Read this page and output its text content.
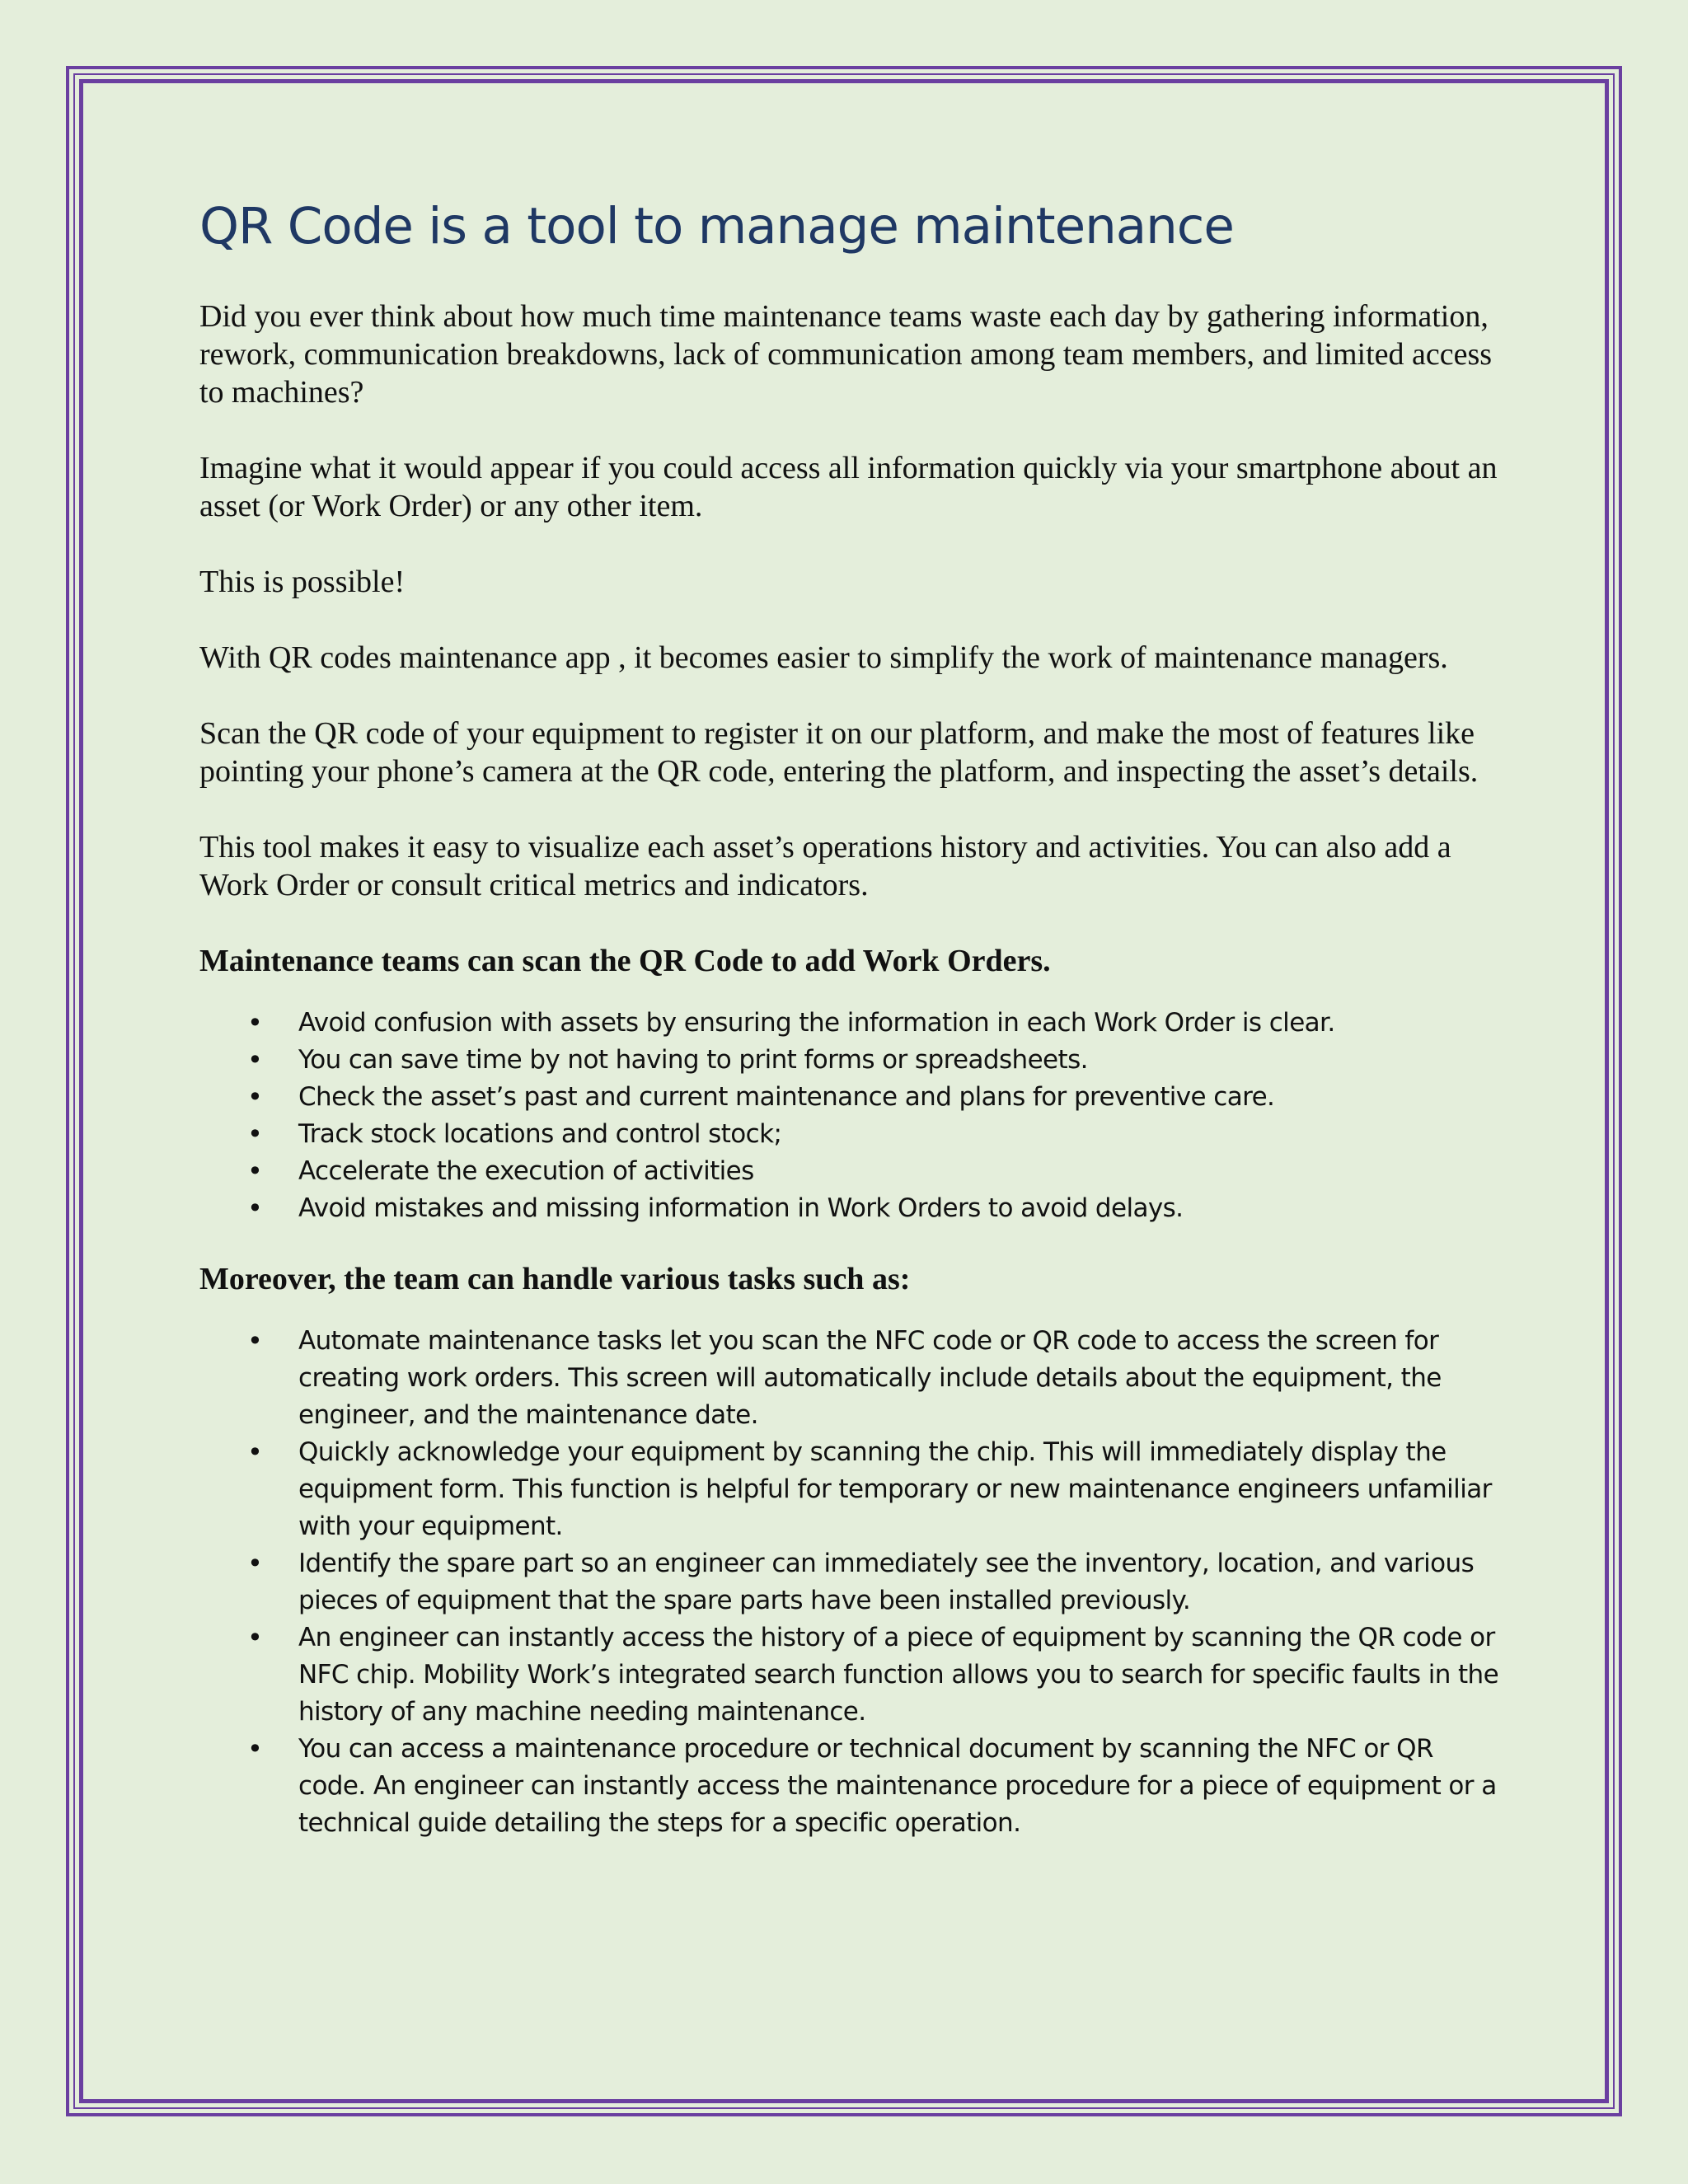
QR Code is a tool to manage maintenance

Did you ever think about how much time maintenance teams waste each day by gathering information, rework, communication breakdowns, lack of communication among team members, and limited access to machines?

Imagine what it would appear if you could access all information quickly via your smartphone about an asset (or Work Order) or any other item.

This is possible!

With QR codes maintenance app , it becomes easier to simplify the work of maintenance managers.

Scan the QR code of your equipment to register it on our platform, and make the most of features like pointing your phone’s camera at the QR code, entering the platform, and inspecting the asset’s details.

This tool makes it easy to visualize each asset’s operations history and activities. You can also add a Work Order or consult critical metrics and indicators.

Maintenance teams can scan the QR Code to add Work Orders.
• Avoid confusion with assets by ensuring the information in each Work Order is clear.
• You can save time by not having to print forms or spreadsheets.
• Check the asset’s past and current maintenance and plans for preventive care.
• Track stock locations and control stock;
• Accelerate the execution of activities
• Avoid mistakes and missing information in Work Orders to avoid delays.
Moreover, the team can handle various tasks such as:
• Automate maintenance tasks let you scan the NFC code or QR code to access the screen for creating work orders. This screen will automatically include details about the equipment, the engineer, and the maintenance date.
• Quickly acknowledge your equipment by scanning the chip. This will immediately display the equipment form. This function is helpful for temporary or new maintenance engineers unfamiliar with your equipment.
• Identify the spare part so an engineer can immediately see the inventory, location, and various pieces of equipment that the spare parts have been installed previously.
• An engineer can instantly access the history of a piece of equipment by scanning the QR code or NFC chip. Mobility Work’s integrated search function allows you to search for specific faults in the history of any machine needing maintenance.
• You can access a maintenance procedure or technical document by scanning the NFC or QR code. An engineer can instantly access the maintenance procedure for a piece of equipment or a technical guide detailing the steps for a specific operation.
